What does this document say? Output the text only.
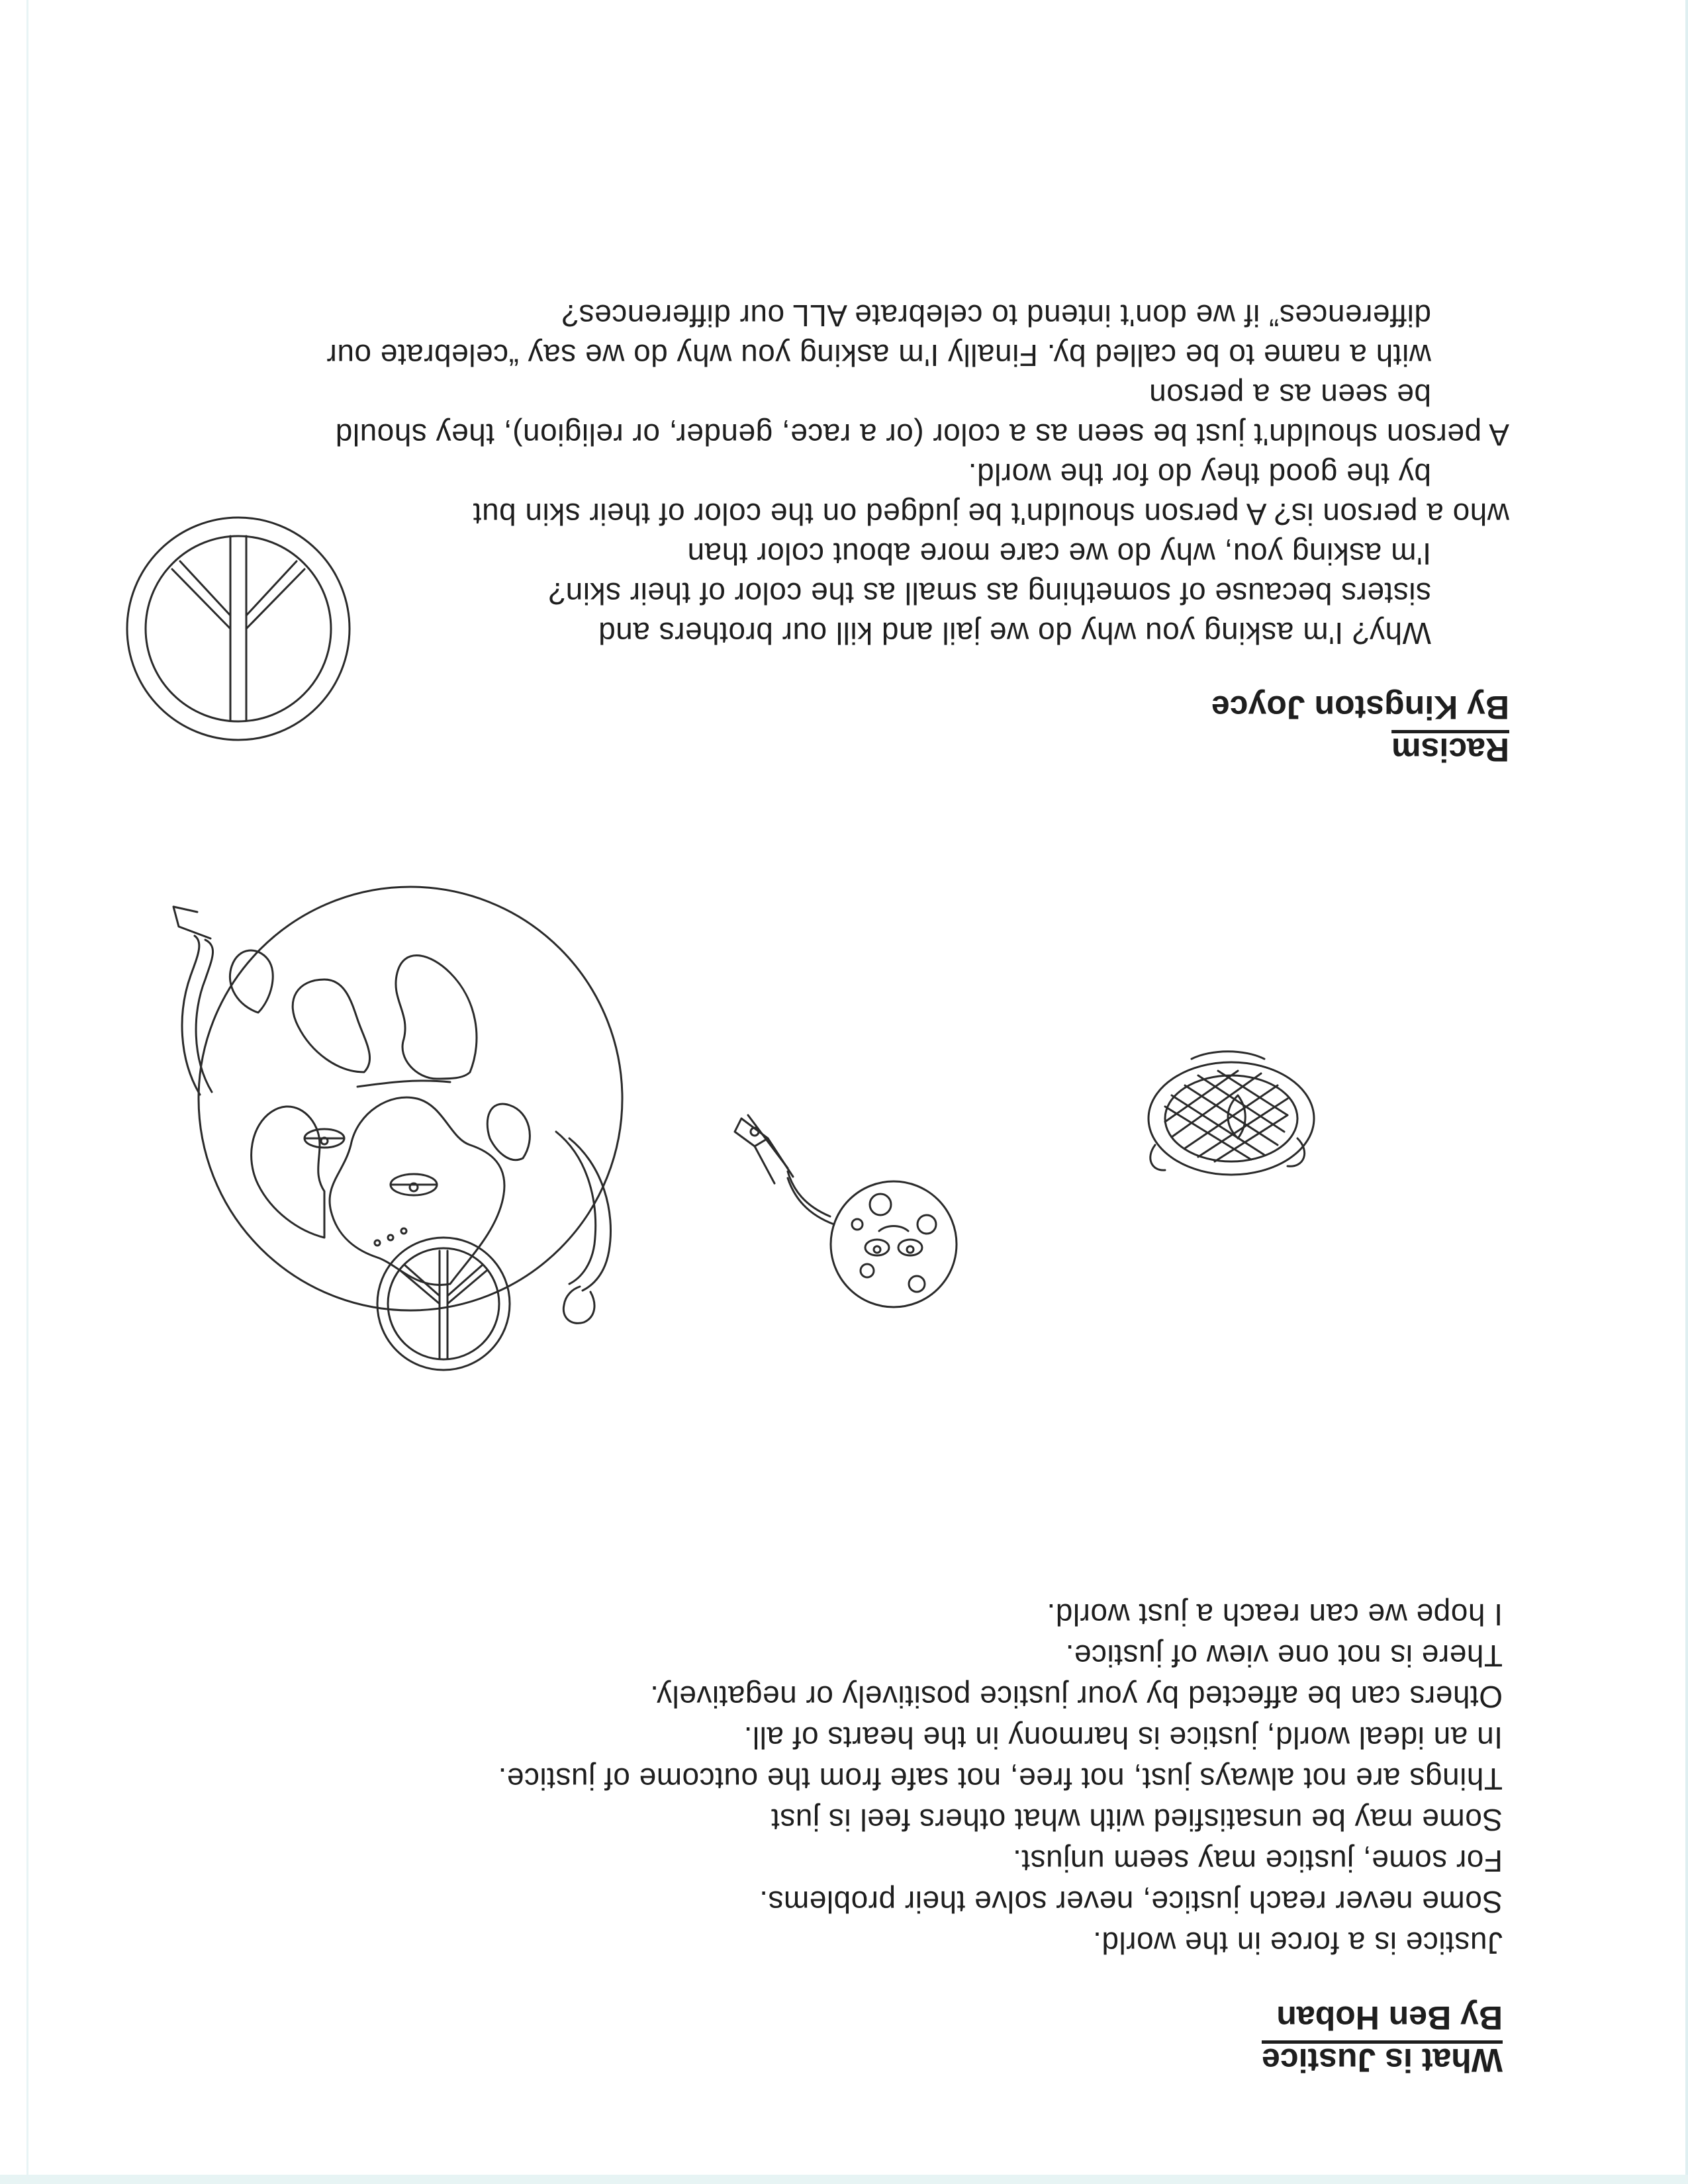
What is Justice
By Ben Hoban
Justice is a force in the world.
Some never reach justice, never solve their problems.
For some, justice may seem unjust.
Some may be unsatisfied with what others feel is just
Things are not always just, not free, not safe from the outcome of justice.
In an ideal world, justice is harmony in the hearts of all.
Others can be affected by your justice positively or negatively.
There is not one view of justice.
I hope we can reach a just world.
Racism
By Kingston Joyce
Why? I'm asking you why do we jail and kill our brothers and
sisters because of something as small as the color of their skin?
I'm asking you, why do we care more about color than
who a person is? A person shouldn't be judged on the color of their skin but
by the good they do for the world.
A person shouldn't just be seen as a color (or a race, gender, or religion), they should
be seen as a person
with a name to be called by. Finally I'm asking you why do we say “celebrate our
differences” if we don't intend to celebrate ALL our differences?
